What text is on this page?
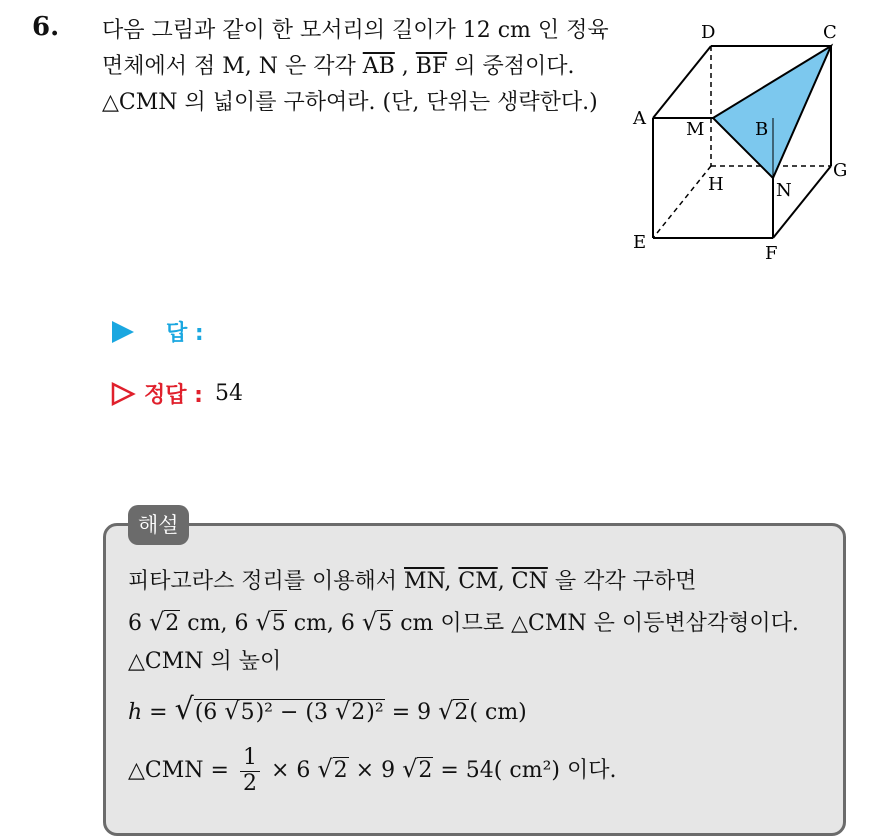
6. 다음 그림과 같이 한 모서리의 길이가 12 cm 인 정육면체에서 점 M, N 은 각각 $\overline{AB}$ , $\overline{BF}$ 의 중점이다. △CMN 의 넓이를 구하여라. (단, 단위는 생략한다.)
A
D	C
M	B
G
H	N
E
F
답 :
정답 : 54
피타고라스 정리를 이용해서 $\overline{MN}$, $\overline{CM}$, $\overline{CN}$ 을 각각 구하면
6 √2 cm, 6 √5 cm, 6 √5 cm 이므로 △CMN 은 이등변삼각형이다.
△CMN 의 높이
h = √(6 √5)² − (3 √2)² = 9 √2( cm)
△CMN = $\frac{1}{2} \times 6$ √2 × 9 √2 = 54( cm²) 이다.
해설
